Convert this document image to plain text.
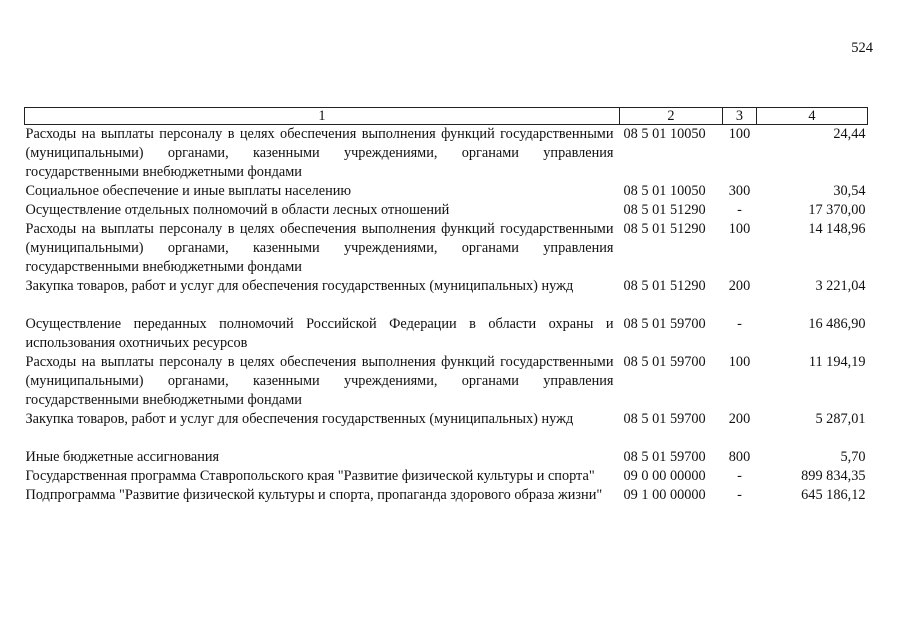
524
1	2	3	4
Расходы на выплаты персоналу в целях обеспечения выполнения функций государственными (муниципальными) органами, казенными учреждениями, органами управления государственными внебюджетными фондами	08 5 01 10050	100	24,44
Социальное обеспечение и иные выплаты населению	08 5 01 10050	300	30,54
Осуществление отдельных полномочий в области лесных отношений	08 5 01 51290	-	17 370,00
Расходы на выплаты персоналу в целях обеспечения выполнения функций государственными (муниципальными) органами, казенными учреждениями, органами управления государственными внебюджетными фондами	08 5 01 51290	100	14 148,96
Закупка товаров, работ и услуг для обеспечения государственных (муниципальных) нужд	08 5 01 51290	200	3 221,04
Осуществление переданных полномочий Российской Федерации в области охраны и использования охотничьих ресурсов	08 5 01 59700	-	16 486,90
Расходы на выплаты персоналу в целях обеспечения выполнения функций государственными (муниципальными) органами, казенными учреждениями, органами управления государственными внебюджетными фондами	08 5 01 59700	100	11 194,19
Закупка товаров, работ и услуг для обеспечения государственных (муниципальных) нужд	08 5 01 59700	200	5 287,01
Иные бюджетные ассигнования	08 5 01 59700	800	5,70
Государственная программа Ставропольского края "Развитие физической культуры и спорта"	09 0 00 00000	-	899 834,35
Подпрограмма "Развитие физической культуры и спорта, пропаганда здорового образа жизни"	09 1 00 00000	-	645 186,12
